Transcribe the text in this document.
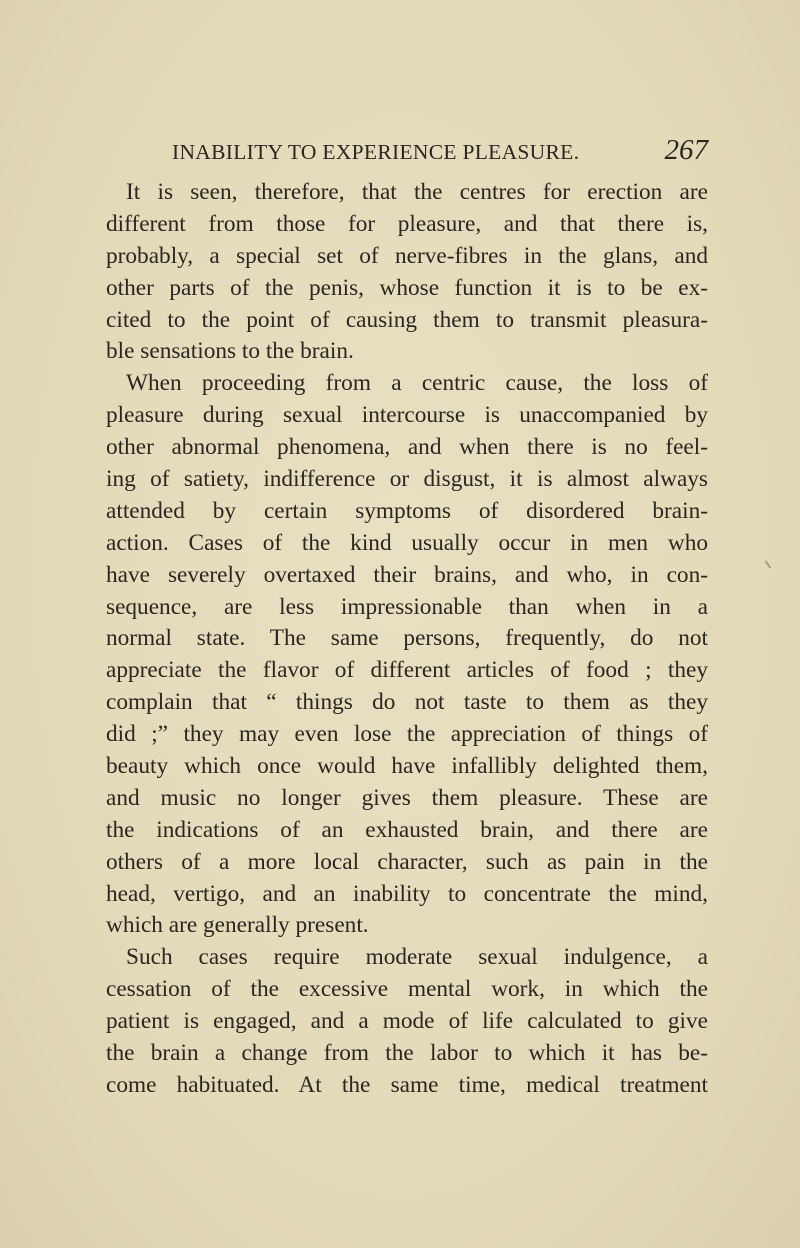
INABILITY TO EXPERIENCE PLEASURE.	267
It is seen, therefore, that the centres for erection are
different from those for pleasure, and that there is,
probably, a special set of nerve-fibres in the glans, and
other parts of the penis, whose function it is to be ex-
cited to the point of causing them to transmit pleasura-
ble sensations to the brain.
When proceeding from a centric cause, the loss of
pleasure during sexual intercourse is unaccompanied by
other abnormal phenomena, and when there is no feel-
ing of satiety, indifference or disgust, it is almost always
attended by certain symptoms of disordered brain-
action. Cases of the kind usually occur in men who
have severely overtaxed their brains, and who, in con-
sequence, are less impressionable than when in a
normal state. The same persons, frequently, do not
appreciate the flavor of different articles of food ; they
complain that “ things do not taste to them as they
did ;” they may even lose the appreciation of things of
beauty which once would have infallibly delighted them,
and music no longer gives them pleasure. These are
the indications of an exhausted brain, and there are
others of a more local character, such as pain in the
head, vertigo, and an inability to concentrate the mind,
which are generally present.
Such cases require moderate sexual indulgence, a
cessation of the excessive mental work, in which the
patient is engaged, and a mode of life calculated to give
the brain a change from the labor to which it has be-
come habituated. At the same time, medical treatment
